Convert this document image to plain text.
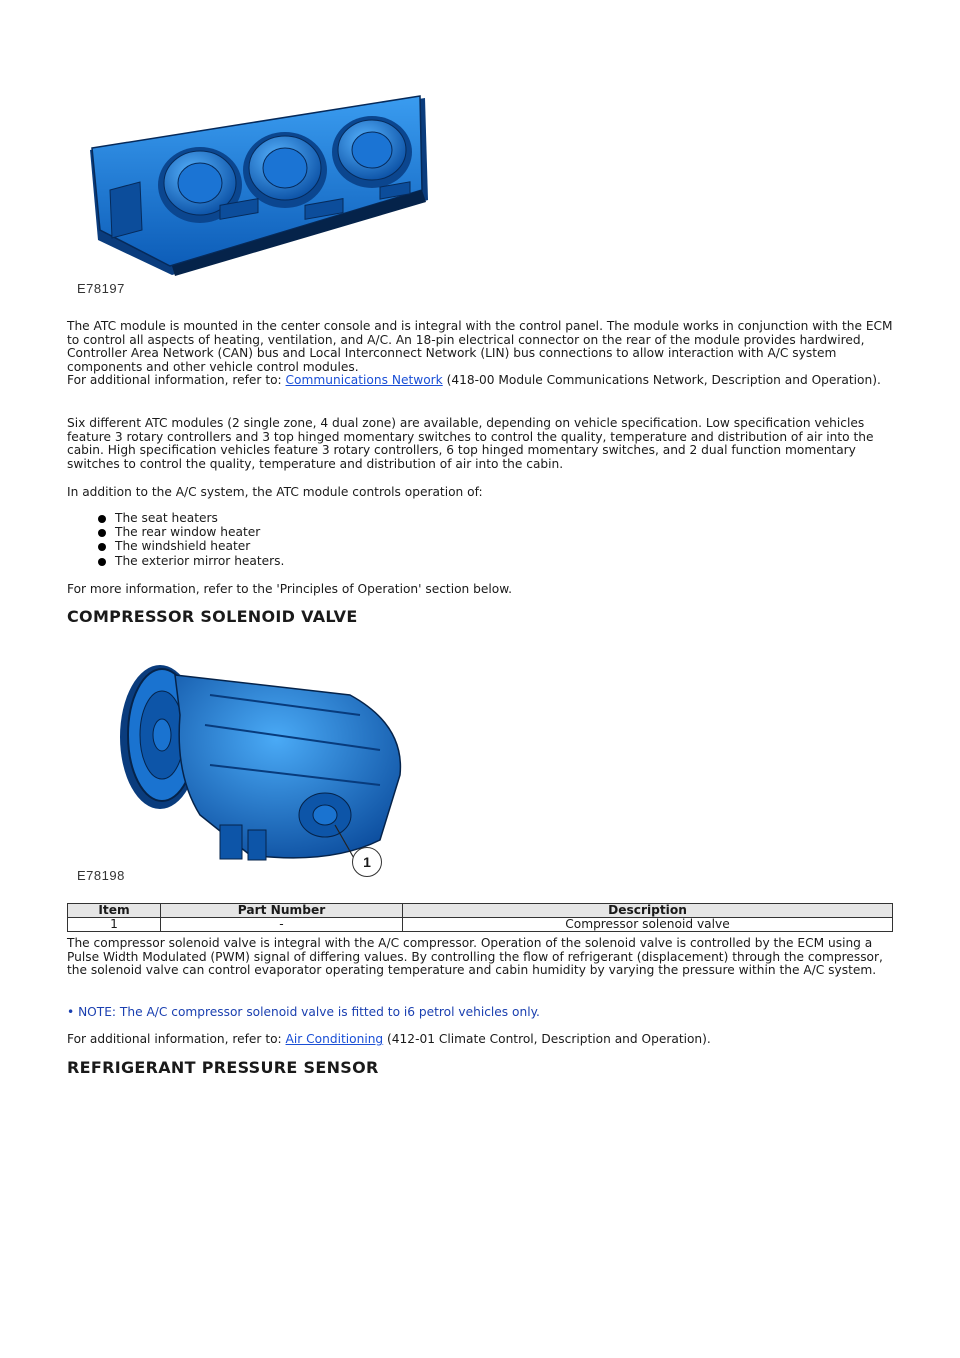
E78197

The ATC module is mounted in the center console and is integral with the control panel. The module works in conjunction with the ECM to control all aspects of heating, ventilation, and A/C. An 18-pin electrical connector on the rear of the module provides hardwired, Controller Area Network (CAN) bus and Local Interconnect Network (LIN) bus connections to allow interaction with A/C system components and other vehicle control modules.

For additional information, refer to: Communications Network (418-00 Module Communications Network, Description and Operation).

Six different ATC modules (2 single zone, 4 dual zone) are available, depending on vehicle specification. Low specification vehicles feature 3 rotary controllers and 3 top hinged momentary switches to control the quality, temperature and distribution of air into the cabin. High specification vehicles feature 3 rotary controllers, 6 top hinged momentary switches, and 2 dual function momentary switches to control the quality, temperature and distribution of air into the cabin.

In addition to the A/C system, the ATC module controls operation of:

The seat heaters
The rear window heater
The windshield heater
The exterior mirror heaters.

For more information, refer to the 'Principles of Operation' section below.

COMPRESSOR SOLENOID VALVE
1
E78198
Item	Part Number	Description
1	-	Compressor solenoid valve

The compressor solenoid valve is integral with the A/C compressor. Operation of the solenoid valve is controlled by the ECM using a Pulse Width Modulated (PWM) signal of differing values. By controlling the flow of refrigerant (displacement) through the compressor, the solenoid valve can control evaporator operating temperature and cabin humidity by varying the pressure within the A/C system.

• NOTE: The A/C compressor solenoid valve is fitted to i6 petrol vehicles only.

For additional information, refer to: Air Conditioning (412-01 Climate Control, Description and Operation).

REFRIGERANT PRESSURE SENSOR
